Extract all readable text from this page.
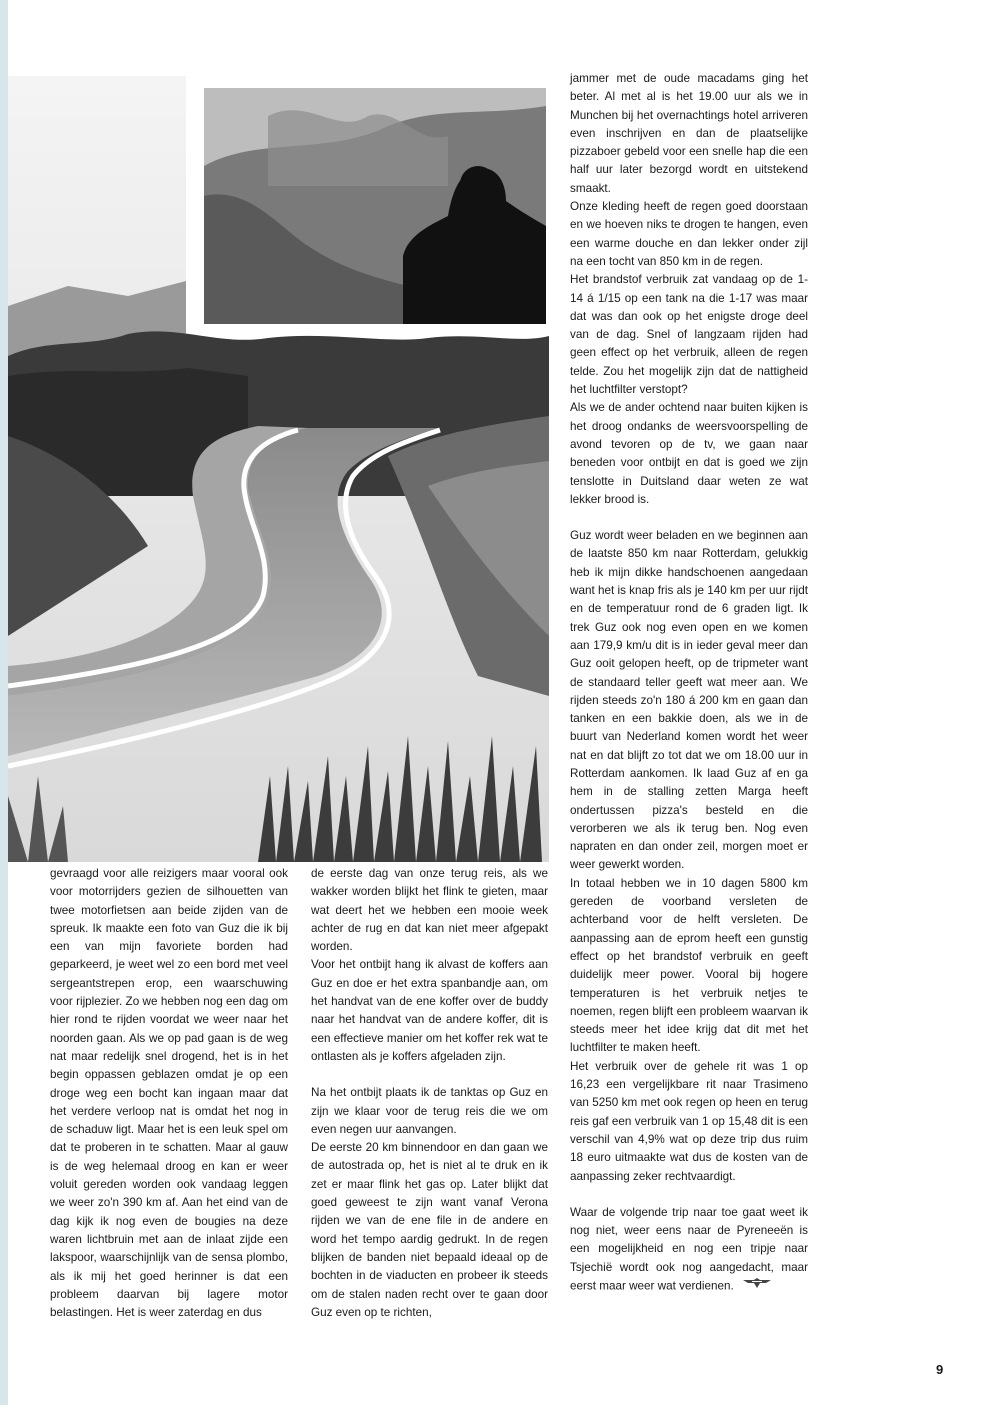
gevraagd voor alle reizigers maar vooral ook voor motorrijders gezien de silhouetten van twee motorfietsen aan beide zijden van de spreuk. Ik maakte een foto van Guz die ik bij een van mijn favoriete borden had geparkeerd, je weet wel zo een bord met veel sergeantstrepen erop, een waarschuwing voor rijplezier. Zo we hebben nog een dag om hier rond te rijden voordat we weer naar het noorden gaan. Als we op pad gaan is de weg nat maar redelijk snel drogend, het is in het begin oppassen geblazen omdat je op een droge weg een bocht kan ingaan maar dat het verdere verloop nat is omdat het nog in de schaduw ligt. Maar het is een leuk spel om dat te proberen in te schatten. Maar al gauw is de weg helemaal droog en kan er weer voluit gereden worden ook vandaag leggen we weer zo'n 390 km af. Aan het eind van de dag kijk ik nog even de bougies na deze waren lichtbruin met aan de inlaat zijde een lakspoor, waarschijnlijk van de sensa plombo, als ik mij het goed herinner is dat een probleem daarvan bij lagere motor belastingen. Het is weer zaterdag en dus

de eerste dag van onze terug reis, als we wakker worden blijkt het flink te gieten, maar wat deert het we hebben een mooie week achter de rug en dat kan niet meer afgepakt worden.

Voor het ontbijt hang ik alvast de koffers aan Guz en doe er het extra spanbandje aan, om het handvat van de ene koffer over de buddy naar het handvat van de andere koffer, dit is een effectieve manier om het koffer rek wat te ontlasten als je koffers afgeladen zijn.

Na het ontbijt plaats ik de tanktas op Guz en zijn we klaar voor de terug reis die we om even negen uur aanvangen.

De eerste 20 km binnendoor en dan gaan we de autostrada op, het is niet al te druk en ik zet er maar flink het gas op. Later blijkt dat goed geweest te zijn want vanaf Verona rijden we van de ene file in de andere en word het tempo aardig gedrukt. In de regen blijken de banden niet bepaald ideaal op de bochten in de viaducten en probeer ik steeds om de stalen naden recht over te gaan door Guz even op te richten,

jammer met de oude macadams ging het beter. Al met al is het 19.00 uur als we in Munchen bij het overnachtings hotel arriveren even inschrijven en dan de plaatselijke pizzaboer gebeld voor een snelle hap die een half uur later bezorgd wordt en uitstekend smaakt.

Onze kleding heeft de regen goed doorstaan en we hoeven niks te drogen te hangen, even een warme douche en dan lekker onder zijl na een tocht van 850 km in de regen.

Het brandstof verbruik zat vandaag op de 1-14 á 1/15 op een tank na die 1-17 was maar dat was dan ook op het enigste droge deel van de dag. Snel of langzaam rijden had geen effect op het verbruik, alleen de regen telde. Zou het mogelijk zijn dat de nattigheid het luchtfilter verstopt?

Als we de ander ochtend naar buiten kijken is het droog ondanks de weersvoorspelling de avond tevoren op de tv, we gaan naar beneden voor ontbijt en dat is goed we zijn tenslotte in Duitsland daar weten ze wat lekker brood is.

Guz wordt weer beladen en we beginnen aan de laatste 850 km naar Rotterdam, gelukkig heb ik mijn dikke handschoenen aangedaan want het is knap fris als je 140 km per uur rijdt en de temperatuur rond de 6 graden ligt. Ik trek Guz ook nog even open en we komen aan 179,9 km/u dit is in ieder geval meer dan Guz ooit gelopen heeft, op de tripmeter want de standaard teller geeft wat meer aan. We rijden steeds zo'n 180 á 200 km en gaan dan tanken en een bakkie doen, als we in de buurt van Nederland komen wordt het weer nat en dat blijft zo tot dat we om 18.00 uur in Rotterdam aankomen. Ik laad Guz af en ga hem in de stalling zetten Marga heeft ondertussen pizza's besteld en die verorberen we als ik terug ben. Nog even napraten en dan onder zeil, morgen moet er weer gewerkt worden.

In totaal hebben we in 10 dagen 5800 km gereden de voorband versleten de achterband voor de helft versleten. De aanpassing aan de eprom heeft een gunstig effect op het brandstof verbruik en geeft duidelijk meer power. Vooral bij hogere temperaturen is het verbruik netjes te noemen, regen blijft een probleem waarvan ik steeds meer het idee krijg dat dit met het luchtfilter te maken heeft.

Het verbruik over de gehele rit was 1 op 16,23 een vergelijkbare rit naar Trasimeno van 5250 km met ook regen op heen en terug reis gaf een verbruik van 1 op 15,48 dit is een verschil van 4,9% wat op deze trip dus ruim 18 euro uitmaakte wat dus de kosten van de aanpassing zeker rechtvaardigt.

Waar de volgende trip naar toe gaat weet ik nog niet, weer eens naar de Pyreneeën is een mogelijkheid en nog een tripje naar Tsjechië wordt ook nog aangedacht, maar eerst maar weer wat verdienen.

9
